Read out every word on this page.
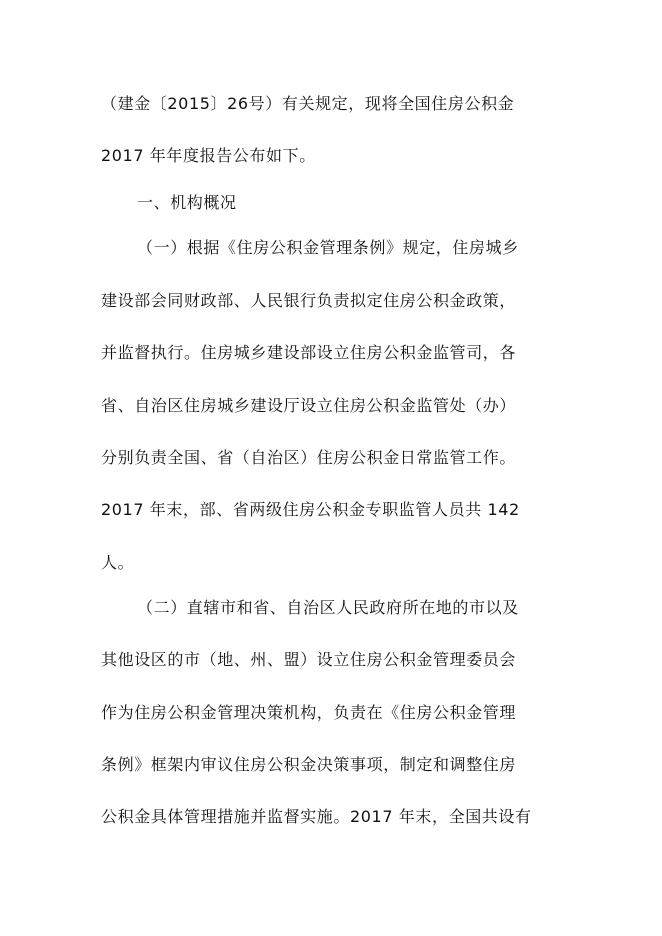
（建金〔2015〕26号）有关规定，现将全国住房公积金
2017 年年度报告公布如下。
一、机构概况
（一）根据《住房公积金管理条例》规定，住房城乡
建设部会同财政部、人民银行负责拟定住房公积金政策，
并监督执行。住房城乡建设部设立住房公积金监管司，各
省、自治区住房城乡建设厅设立住房公积金监管处（办）
分别负责全国、省（自治区）住房公积金日常监管工作。
2017 年末，部、省两级住房公积金专职监管人员共 142
人。
（二）直辖市和省、自治区人民政府所在地的市以及
其他设区的市（地、州、盟）设立住房公积金管理委员会
作为住房公积金管理决策机构，负责在《住房公积金管理
条例》框架内审议住房公积金决策事项，制定和调整住房
公积金具体管理措施并监督实施。2017 年末，全国共设有
